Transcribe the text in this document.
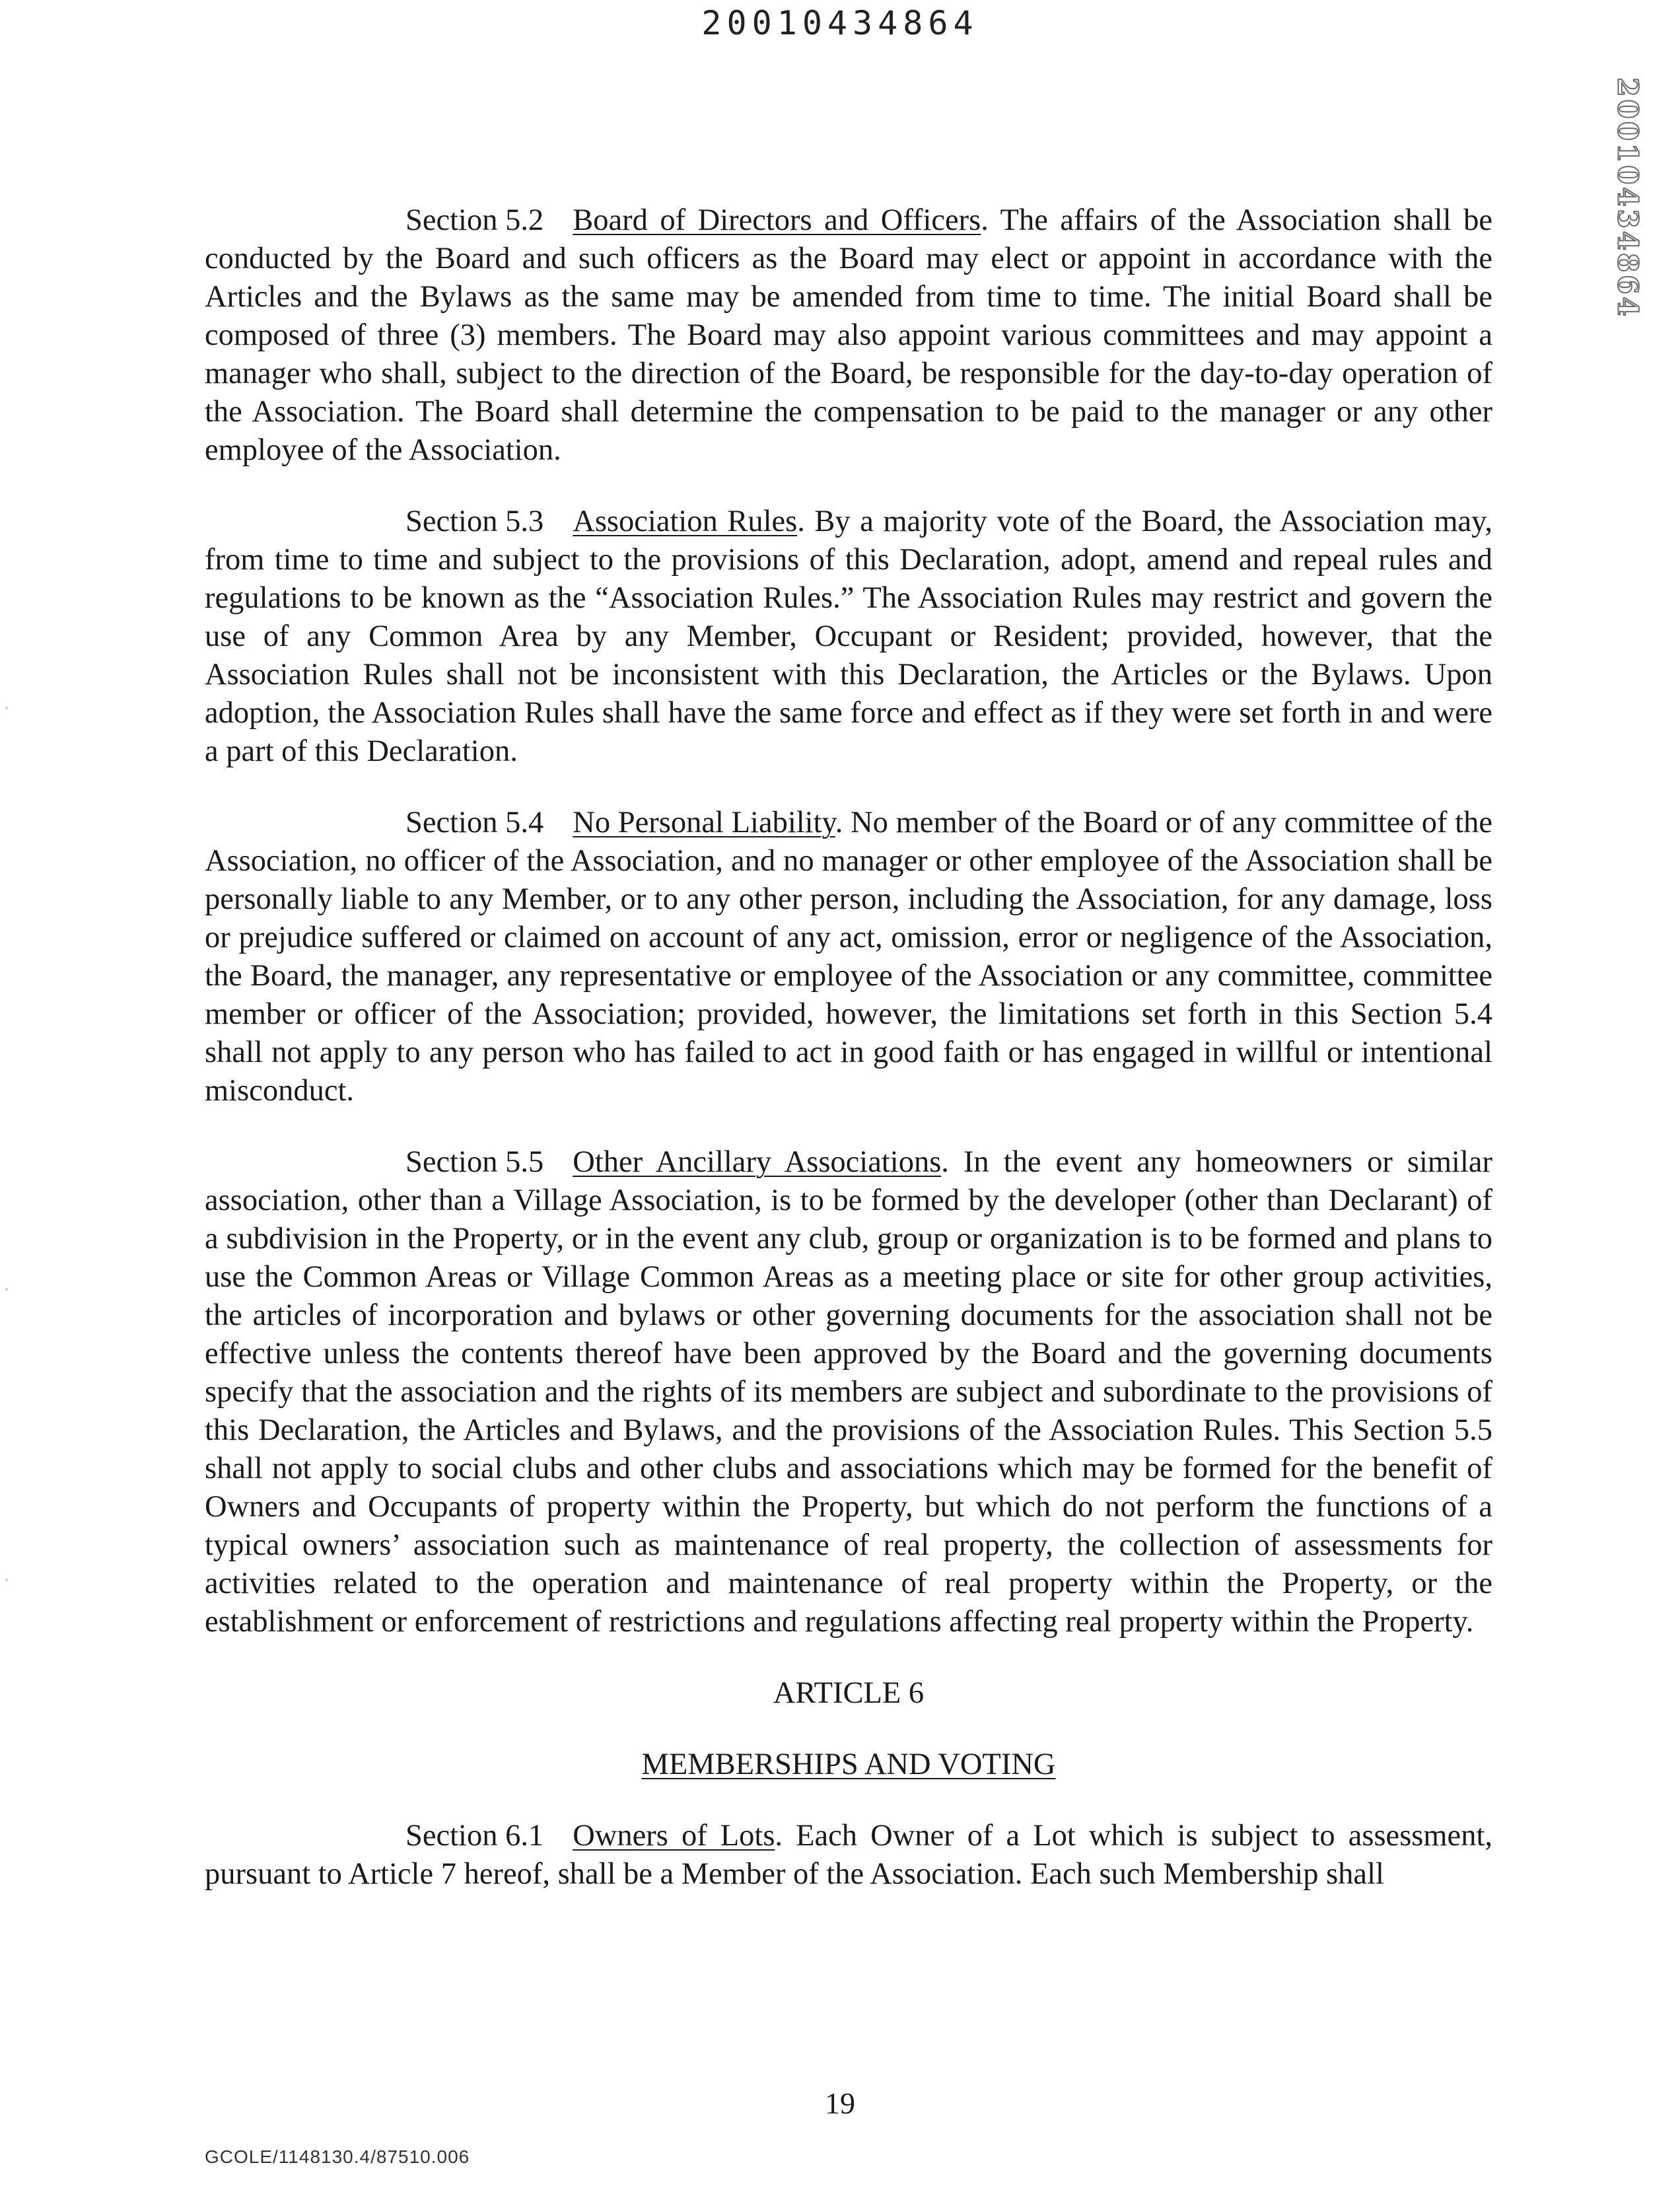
20010434864
20010434864

Section 5.2 Board of Directors and Officers. The affairs of the Association shall be conducted by the Board and such officers as the Board may elect or appoint in accordance with the Articles and the Bylaws as the same may be amended from time to time. The initial Board shall be composed of three (3) members. The Board may also appoint various committees and may appoint a manager who shall, subject to the direction of the Board, be responsible for the day-to-day operation of the Association. The Board shall determine the compensation to be paid to the manager or any other employee of the Association.

Section 5.3 Association Rules. By a majority vote of the Board, the Association may, from time to time and subject to the provisions of this Declaration, adopt, amend and repeal rules and regulations to be known as the “Association Rules.” The Association Rules may restrict and govern the use of any Common Area by any Member, Occupant or Resident; provided, however, that the Association Rules shall not be inconsistent with this Declaration, the Articles or the Bylaws. Upon adoption, the Association Rules shall have the same force and effect as if they were set forth in and were a part of this Declaration.

Section 5.4 No Personal Liability. No member of the Board or of any committee of the Association, no officer of the Association, and no manager or other employee of the Association shall be personally liable to any Member, or to any other person, including the Association, for any damage, loss or prejudice suffered or claimed on account of any act, omission, error or negligence of the Association, the Board, the manager, any representative or employee of the Association or any committee, committee member or officer of the Association; provided, however, the limitations set forth in this Section 5.4 shall not apply to any person who has failed to act in good faith or has engaged in willful or intentional misconduct.

Section 5.5 Other Ancillary Associations. In the event any homeowners or similar association, other than a Village Association, is to be formed by the developer (other than Declarant) of a subdivision in the Property, or in the event any club, group or organization is to be formed and plans to use the Common Areas or Village Common Areas as a meeting place or site for other group activities, the articles of incorporation and bylaws or other governing documents for the association shall not be effective unless the contents thereof have been approved by the Board and the governing documents specify that the association and the rights of its members are subject and subordinate to the provisions of this Declaration, the Articles and Bylaws, and the provisions of the Association Rules. This Section 5.5 shall not apply to social clubs and other clubs and associations which may be formed for the benefit of Owners and Occupants of property within the Property, but which do not perform the functions of a typical owners’ association such as maintenance of real property, the collection of assessments for activities related to the operation and maintenance of real property within the Property, or the establishment or enforcement of restrictions and regulations affecting real property within the Property.

ARTICLE 6
MEMBERSHIPS AND VOTING

Section 6.1 Owners of Lots. Each Owner of a Lot which is subject to assessment, pursuant to Article 7 hereof, shall be a Member of the Association. Each such Membership shall

19
GCOLE/1148130.4/87510.006
